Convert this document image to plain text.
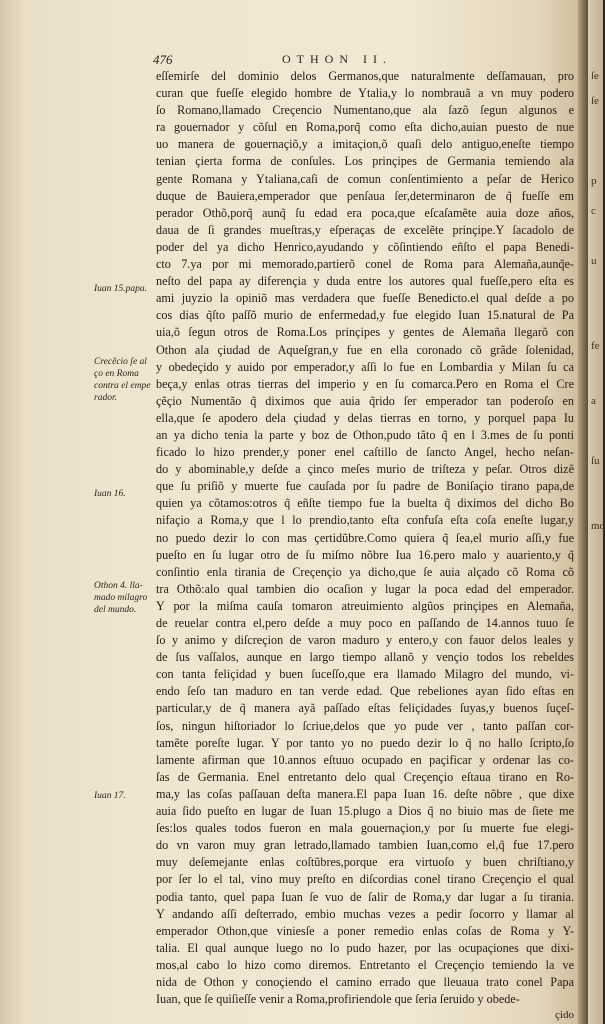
476	OTHON II.
Iuan 15.papa.
Crecẽcio ſe al
ço en Roma
contra el empe
rador.
Iuan 16.
Othon 4. lla-
mado milagro
del mundo.
Iuan 17.
eſſemirſe del dominio delos Germanos,que naturalmente deſſamauan, pro
curan que fueſſe elegido hombre de Ytalia,y lo nombrauã a vn muy podero
ſo Romano,llamado Creçencio Numentano,que ala ſazõ ſegun algunos e
ra gouernador y cõſul en Roma,porq̃ como eſta dicho,auian puesto de nue
uo manera de gouernaçiõ,y a imitaçion,õ quaſi delo antiguo,eneſte tiempo
tenian çierta forma de conſules. Los prinçipes de Germania temiendo ala
gente Romana y Ytaliana,caſi de comun conſentimiento a peſar de Herico
duque de Bauiera,emperador que penſaua ſer,determinaron de q̃ fueſſe em
perador Othõ,porq̃ aunq̃ ſu edad era poca,que eſcaſamẽte auia doze años,
daua de ſi grandes mueſtras,y eſperaças de excelẽte prinçipe.Y ſacadolo de
poder del ya dicho Henrico,ayudando y cõſintiendo eñſto el papa Benedi-
cto 7.ya por mi memorado,partierõ conel de Roma para Alemaña,aunq̃e-
neſto del papa ay diferençia y duda entre los autores qual fueſſe,pero eſta es
ami juyzio la opiniõ mas verdadera que fueſſe Benedicto.el qual deſde a po
cos dias q̃ſto paſſõ murio de enfermedad,y fue elegido Iuan 15.natural de Pa
uia,õ ſegun otros de Roma.Los prinçipes y gentes de Alemaña llegarõ con
Othon ala çiudad de Aqueſgran,y fue en ella coronado cõ grãde ſolenidad,
y obedeçido y auido por emperador,y aſſi lo fue en Lombardia y Milan ſu ca
beça,y enlas otras tierras del imperio y en ſu comarca.Pero en Roma el Cre
çẽçio Numentão q̃ diximos que auia q̃rido ſer emperador tan poderoſo en
ella,que ſe apodero dela çiudad y delas tierras en torno, y porquel papa Iu
an ya dicho tenia la parte y boz de Othon,pudo tãto q̃ en l 3.mes de ſu ponti
ficado lo hizo prender,y poner enel caſtillo de ſancto Angel, hecho neſan-
do y abominable,y deſde a çinco meſes murio de triſteza y peſar. Otros dizẽ
que ſu priſiõ y muerte fue cauſada por ſu padre de Boniſaçio tirano papa,de
quien ya cõtamos:otros q̃ eñſte tiempo fue la buelta q̃ diximos del dicho Bo
nifaçio a Roma,y que l lo prendio,tanto eſta confuſa eſta coſa eneſte lugar,y
no puedo dezir lo con mas çertidũbre.Como quiera q̃ ſea,el murio aſſi,y fue
pueſto en ſu lugar otro de ſu miſmo nõbre Iua 16.pero malo y auariento,y q̃
conſintio enla tirania de Creçençio ya dicho,que ſe auia alçado cõ Roma cõ
tra Othõ:alo qual tambien dio ocaſion y lugar la poca edad del emperador.
Y por la miſma cauſa tomaron atreuimiento algũos prinçipes en Alemaña,
de reuelar contra el,pero deſde a muy poco en paſſando de 14.annos tuuo ſe
ſo y animo y diſcreçion de varon maduro y entero,y con fauor delos leales y
de ſus vaſſalos, aunque en largo tiempo allanõ y vençio todos los rebeldes
con tanta feliçidad y buen ſuceſſo,que era llamado Milagro del mundo, vi-
endo ſeſo tan maduro en tan verde edad. Que rebeliones ayan ſido eſtas en
particular,y de q̃ manera ayã paſſado eſtas feliçidades ſuyas,y buenos ſuçeſ-
ſos, ningun hiſtoriador lo ſcriue,delos que yo pude ver , tanto paſſan cor-
tamẽte poreſte lugar. Y por tanto yo no puedo dezir lo q̃ no hallo ſcripto,ſo
lamente afirman que 10.annos eſtuuo ocupado en paçificar y ordenar las co-
ſas de Germania. Enel entretanto delo qual Creçençio eſtaua tirano en Ro-
ma,y las coſas paſſauan deſta manera.El papa Iuan 16. deſte nõbre , que dixe
auia ſido pueſto en lugar de Iuan 15.plugo a Dios q̃ no biuio mas de ſiete me
ſes:los quales todos fueron en mala gouernaçion,y por ſu muerte fue elegi-
do vn varon muy gran letrado,llamado tambien Iuan,como el,q̃ fue 17.pero
muy deſemejante enlas coſtũbres,porque era virtuoſo y buen chriſtiano,y
por ſer lo el tal, vino muy preſto en diſcordias conel tirano Creçençio el qual
podia tanto, quel papa Iuan ſe vuo de ſalir de Roma,y dar lugar a ſu tirania.
Y andando aſſi deſterrado, embio muchas vezes a pedir ſocorro y llamar al
emperador Othon,que viniesſe a poner remedio enlas coſas de Roma y Y-
talia. El qual aunque luego no lo pudo hazer, por las ocupaçiones que dixi-
mos,al cabo lo hizo como diremos. Entretanto el Creçençio temiendo la ve
nida de Othon y conoçiendo el camino errado que lleuaua trato conel Papa
Iuan, que ſe quiſieſſe venir a Roma,profiriendole que ſeria ſeruido y obede-
çido
ſe
ſe
p
c
u
fe
a
ſu
mo
